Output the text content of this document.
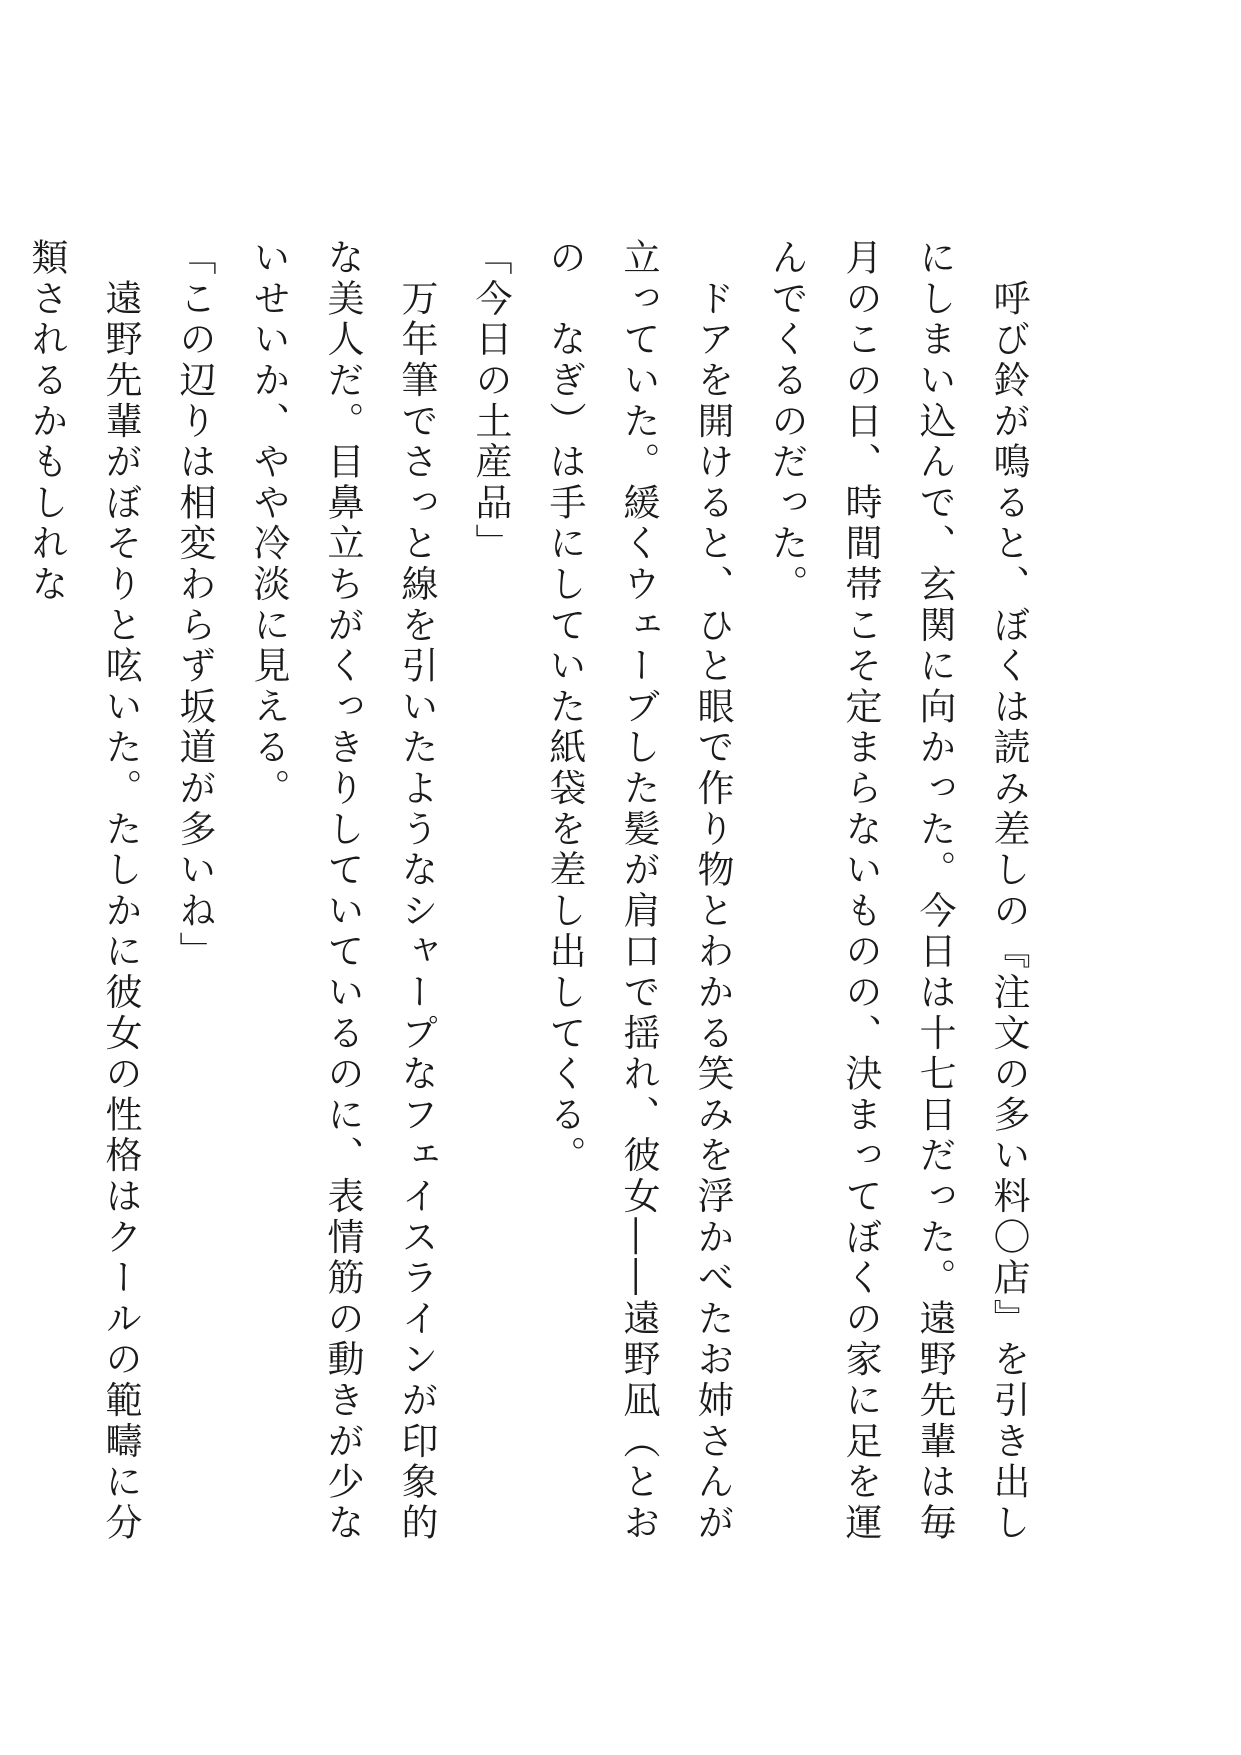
　呼び鈴が鳴ると、ぼくは読み差しの『注文の多い料〇店』を引き出しにしまい込んで、玄関に向かった。今日は十七日だった。遠野先輩は毎月のこの日、時間帯こそ定まらないものの、決まってぼくの家に足を運んでくるのだった。

　ドアを開けると、ひと眼で作り物とわかる笑みを浮かべたお姉さんが立っていた。緩くウェーブした髪が肩口で揺れ、彼女――遠野凪（とおの　なぎ）は手にしていた紙袋を差し出してくる。

「今日の土産品」

　万年筆でさっと線を引いたようなシャープなフェイスラインが印象的な美人だ。目鼻立ちがくっきりしていているのに、表情筋の動きが少ないせいか、やや冷淡に見える。

「この辺りは相変わらず坂道が多いね」

　遠野先輩がぼそりと呟いた。たしかに彼女の性格はクールの範疇に分類されるかもしれな
